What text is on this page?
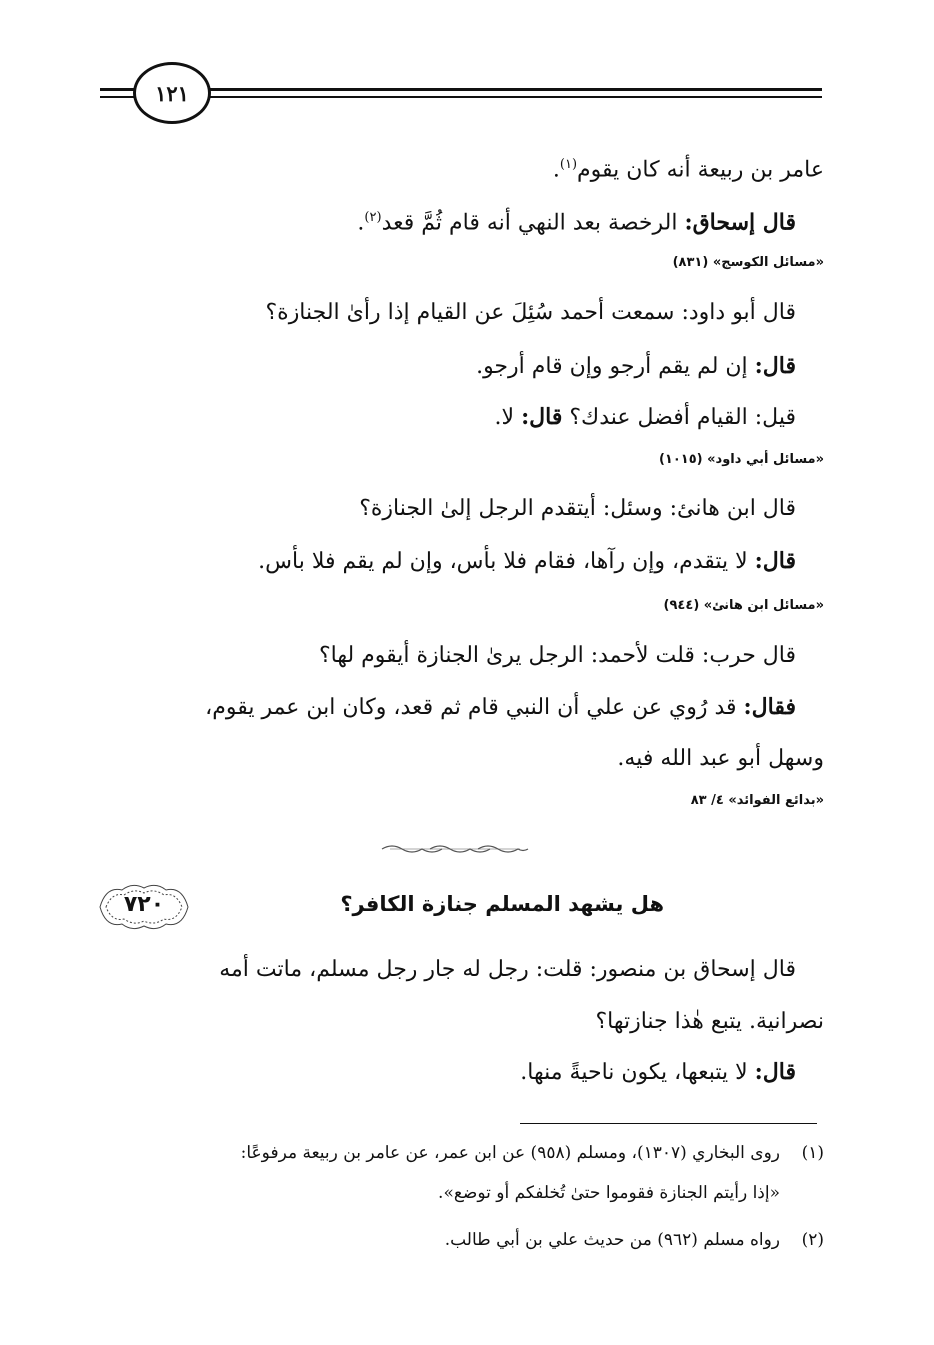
١٢١
عامر بن ربيعة أنه كان يقوم$^{(١)}$.
قال إسحاق: الرخصة بعد النهي أنه قام ثُمَّ قعد$^{(٢)}$.
«مسائل الكوسج» (٨٣١)
قال أبو داود: سمعت أحمد سُئِلَ عن القيام إذا رأىٰ الجنازة؟
قال: إن لم يقم أرجو وإن قام أرجو.
قيل: القيام أفضل عندك؟ قال: لا.
«مسائل أبي داود» (١٠١٥)
قال ابن هانئ: وسئل: أيتقدم الرجل إلىٰ الجنازة؟
قال: لا يتقدم، وإن رآها، فقام فلا بأس، وإن لم يقم فلا بأس.
«مسائل ابن هانئ» (٩٤٤)
قال حرب: قلت لأحمد: الرجل يرىٰ الجنازة أيقوم لها؟
فقال: قد رُوي عن علي أن النبي قام ثم قعد، وكان ابن عمر يقوم،
وسهل أبو عبد الله فيه.
«بدائع الفوائد» ٤/ ٨٣
٧٢٠	هل يشهد المسلم جنازة الكافر؟
قال إسحاق بن منصور: قلت: رجل له جار رجل مسلم، ماتت أمه
نصرانية. يتبع هٰذا جنازتها؟
قال: لا يتبعها، يكون ناحيةً منها.
(١)روى البخاري (١٣٠٧)، ومسلم (٩٥٨) عن ابن عمر، عن عامر بن ربيعة مرفوعًا:
«إذا رأيتم الجنازة فقوموا حتىٰ تُخلفكم أو توضع».
(٢)رواه مسلم (٩٦٢) من حديث علي بن أبي طالب.
